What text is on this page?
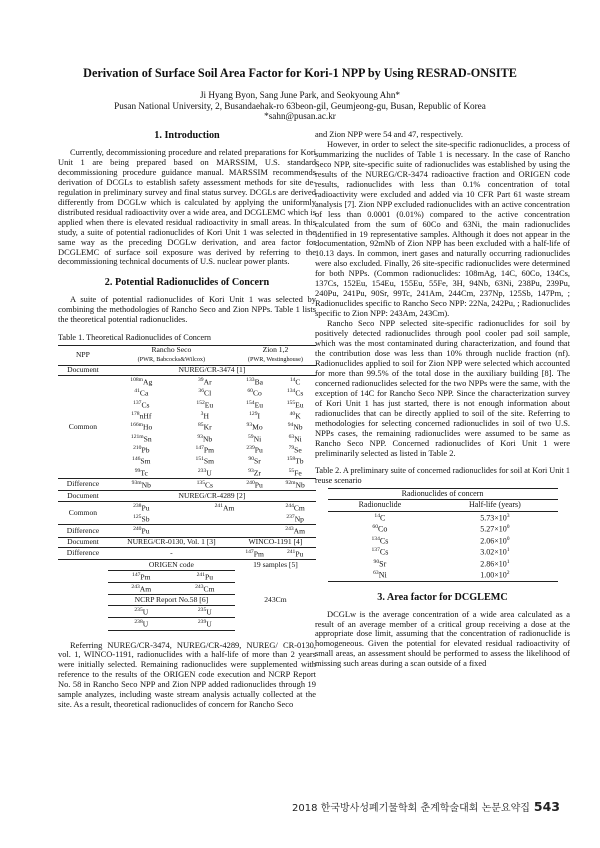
Derivation of Surface Soil Area Factor for Kori-1 NPP by Using RESRAD-ONSITE
Ji Hyang Byon, Sang June Park, and Seokyoung Ahn*
Pusan National University, 2, Busandaehak-ro 63beon-gil, Geumjeong-gu, Busan, Republic of Korea
*sahn@pusan.ac.kr
1. Introduction

Currently, decommissioning procedure and related preparations for Kori Unit 1 are being prepared based on MARSSIM, U.S. standard decommissioning procedure guidance manual. MARSSIM recommends derivation of DCGLs to establish safety assessment methods for site de-regulation in preliminary survey and final status survey. DCGLs are derived differently from DCGLw which is calculated by applying the uniformly distributed residual radioactivity over a wide area, and DCGLEMC which is applied when there is elevated residual radioactivity in small areas. In this study, a suite of potential radionuclides of Kori Unit 1 was selected in the same way as the preceding DCGLw derivation, and area factor for DCGLEMC of surface soil exposure was derived by referring to the decommissioning technical documents of U.S. nuclear power plants.

2. Potential Radionuclides of Concern

A suite of potential radionuclides of Kori Unit 1 was selected by combining the methodologies of Rancho Seco and Zion NPPs. Table 1 lists the theoretical potential radionuclides.

Table 1. Theoretical Radionuclides of Concern
NPP	Rancho Seco		Zion 1,2	
	(PWR, Babcocks&Wilcox)		(PWR, Westinghouse)	
Document	NUREG/CR-3474 [1]			
Common	$^{108m}$Ag	$^{39}$Ar	$^{133}$Ba	$^{14}$C
	$^{41}$Ca	$^{36}$Cl	$^{60}$Co	$^{134}$Cs
	$^{137}$Cs	$^{152}$Eu	$^{154}$Eu	$^{155}$Eu
	$^{178}$nHf	$^3$H	$^{129}$I	$^{40}$K
	$^{166m}$Ho	$^{85}$Kr	$^{93}$Mo	$^{94}$Nb
	$^{121m}$Sn	$^{93}$Nb	$^{59}$Ni	$^{63}$Ni
	$^{210}$Pb	$^{147}$Pm	$^{239}$Pu	$^{79}$Se
	$^{146}$Sm	$^{151}$Sm	$^{90}$Sr	$^{158}$Tb
	$^{99}$Tc	$^{233}$U	$^{93}$Zr	$^{55}$Fe
Difference	$^{93m}$Nb	$^{135}$Cs	$^{240}$Pu	$^{92m}$Nb
Document	NUREG/CR-4289 [2]			
Common	$^{238}$Pu	$^{241}$Am		$^{244}$Cm
	$^{125}$Sb			$^{237}$Np
Difference	$^{240}$Pu			$^{243}$Am
Document	NUREG/CR-0130, Vol. 1 [3]		WINCO-1191 [4]	
Difference	-		$^{147}$Pm	$^{241}$Pu
	ORIGEN code		19 samples [5]	
	$^{147}$Pm	$^{241}$Pu		
	$^{243}$Am	$^{243}$Cm		
	NCRP Report No.58 [6]		243Cm	
	$^{235}$U	$^{235}$U		
	$^{238}$U	$^{239}$U		

Referring NUREG/CR-3474, NUREG/CR-4289, NUREG/ CR-0130, vol. 1, WINCO-1191, radionuclides with a half-life of more than 2 years were initially selected. Remaining radionuclides were supplemented with reference to the results of the ORIGEN code execution and NCRP Report No. 58 in Rancho Seco NPP and Zion NPP added radionuclides through 19 sample analyzes, including waste stream analysis actually collected at the site. As a result, theoretical radionuclides of concern for Rancho Seco

and Zion NPP were 54 and 47, respectively.

However, in order to select the site-specific radionuclides, a process of summarizing the nuclides of Table 1 is necessary. In the case of Rancho Seco NPP, site-specific suite of radionuclides was established by using the results of the NUREG/CR-3474 radioactive fraction and ORIGEN code results, radionuclides with less than 0.1% concentration of total radioactivity were excluded and added via 10 CFR Part 61 waste stream analysis [7]. Zion NPP excluded radionuclides with an active concentration of less than 0.0001 (0.01%) compared to the active concentration calculated from the sum of 60Co and 63Ni, the main radionuclides identified in 19 representative samples. Although it does not appear in the documentation, 92mNb of Zion NPP has been excluded with a half-life of 10.13 days. In common, inert gases and naturally occurring radionuclides were also excluded. Finally, 26 site-specific radionuclides were determined for both NPPs. (Common radionuclides: 108mAg, 14C, 60Co, 134Cs, 137Cs, 152Eu, 154Eu, 155Eu, 55Fe, 3H, 94Nb, 63Ni, 238Pu, 239Pu, 240Pu, 241Pu, 90Sr, 99Tc, 241Am, 244Cm, 237Np, 125Sb, 147Pm, ; Radionuclides specific to Rancho Seco NPP: 22Na, 242Pu, ; Radionuclides specific to Zion NPP: 243Am, 243Cm).

Rancho Seco NPP selected site-specific radionuclides for soil by positively detected radionuclides through pool cooler pad soil sample, which was the most contaminated during characterization, and found that the contribution dose was less than 10% through nuclide fraction (nf). Radionuclides applied to soil for Zion NPP were selected which accounted for more than 99.5% of the total dose in the auxiliary building [8]. The concerned radionuclides selected for the two NPPs were the same, with the exception of 14C for Rancho Seco NPP. Since the characterization survey of Kori Unit 1 has just started, there is not enough information about radionuclides that can be directly applied to soil of the site. Referring to methodologies for selecting concerned radionuclides in soil of two U.S. NPPs cases, the remaining radionuclides were assumed to be same as Rancho Seco NPP. Concerned radionuclides of Kori Unit 1 were preliminarily selected as listed in Table 2.

Table 2. A preliminary suite of concerned radionuclides for soil at Kori Unit 1 reuse scenario
Radionuclides of concern	
Radionuclide	Half-life (years)
$^{14}$C	$5.73\times 10^3$
$^{60}$Co	$5.27\times 10^0$
$^{134}$Cs	$2.06\times 10^0$
$^{137}$Cs	$3.02\times 10^1$
$^{90}$Sr	$2.86\times 10^1$
$^{63}$Ni	$1.00\times 10^2$
3. Area factor for DCGLEMC

DCGLw is the average concentration of a wide area calculated as a result of an average member of a critical group receiving a dose at the appropriate dose limit, assuming that the concentration of radionuclide is homogeneous. Given the potential for elevated residual radioactivity of small areas, an assessment should be performed to assess the likelihood of missing such areas during a scan outside of a fixed

2018 한국방사성폐기물학회 춘계학술대회 논문요약집 543
